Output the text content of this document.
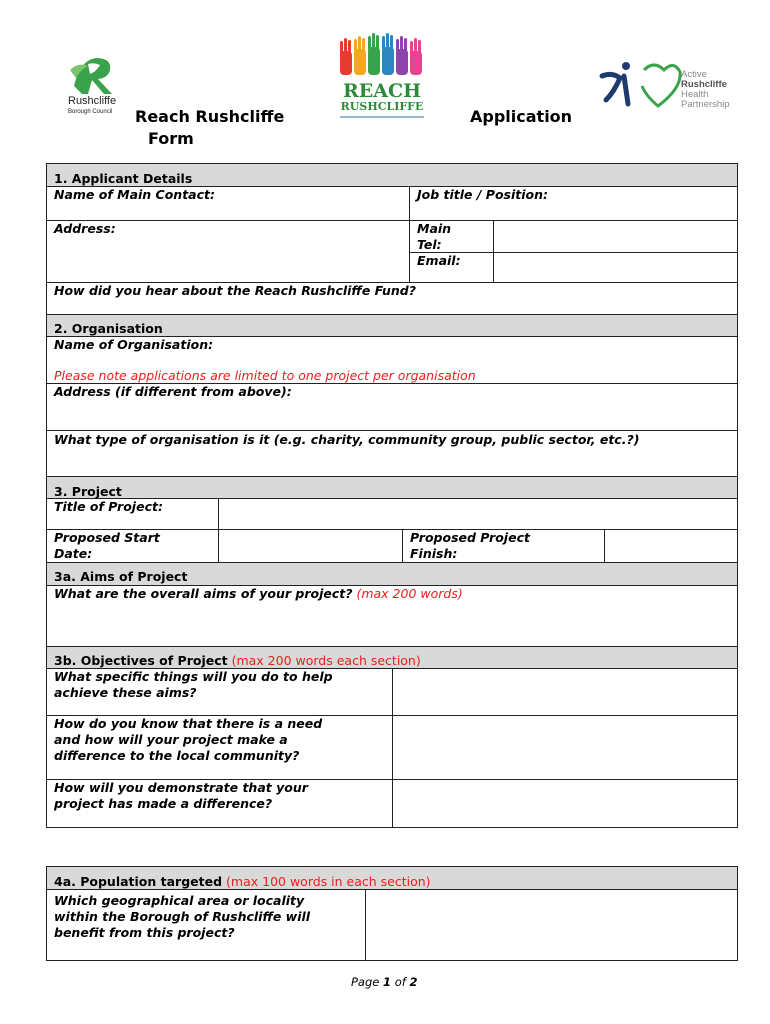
Rushcliffe
Borough Council Reach Rushcliffe
Form
Application
REACH
RUSHCLIFFE
Active
Rushcliffe
Health
Partnership
1. Applicant Details
Name of Main Contact:	Job title / Position:
Address:	Main
Tel:
Email:
How did you hear about the Reach Rushcliffe Fund?
2. Organisation
Name of Organisation:
Please note applications are limited to one project per organisation
Address (if different from above):
What type of organisation is it (e.g. charity, community group, public sector, etc.?)
3. Project
Title of Project:
Proposed Start
Date:
Proposed Project
Finish:
3a. Aims of Project
What are the overall aims of your project? (max 200 words)
3b. Objectives of Project (max 200 words each section)
What specific things will you do to help
achieve these aims?
How do you know that there is a need
and how will your project make a
difference to the local community?
How will you demonstrate that your
project has made a difference?
4a. Population targeted (max 100 words in each section)
Which geographical area or locality
within the Borough of Rushcliffe will
benefit from this project?
Page 1 of 2
